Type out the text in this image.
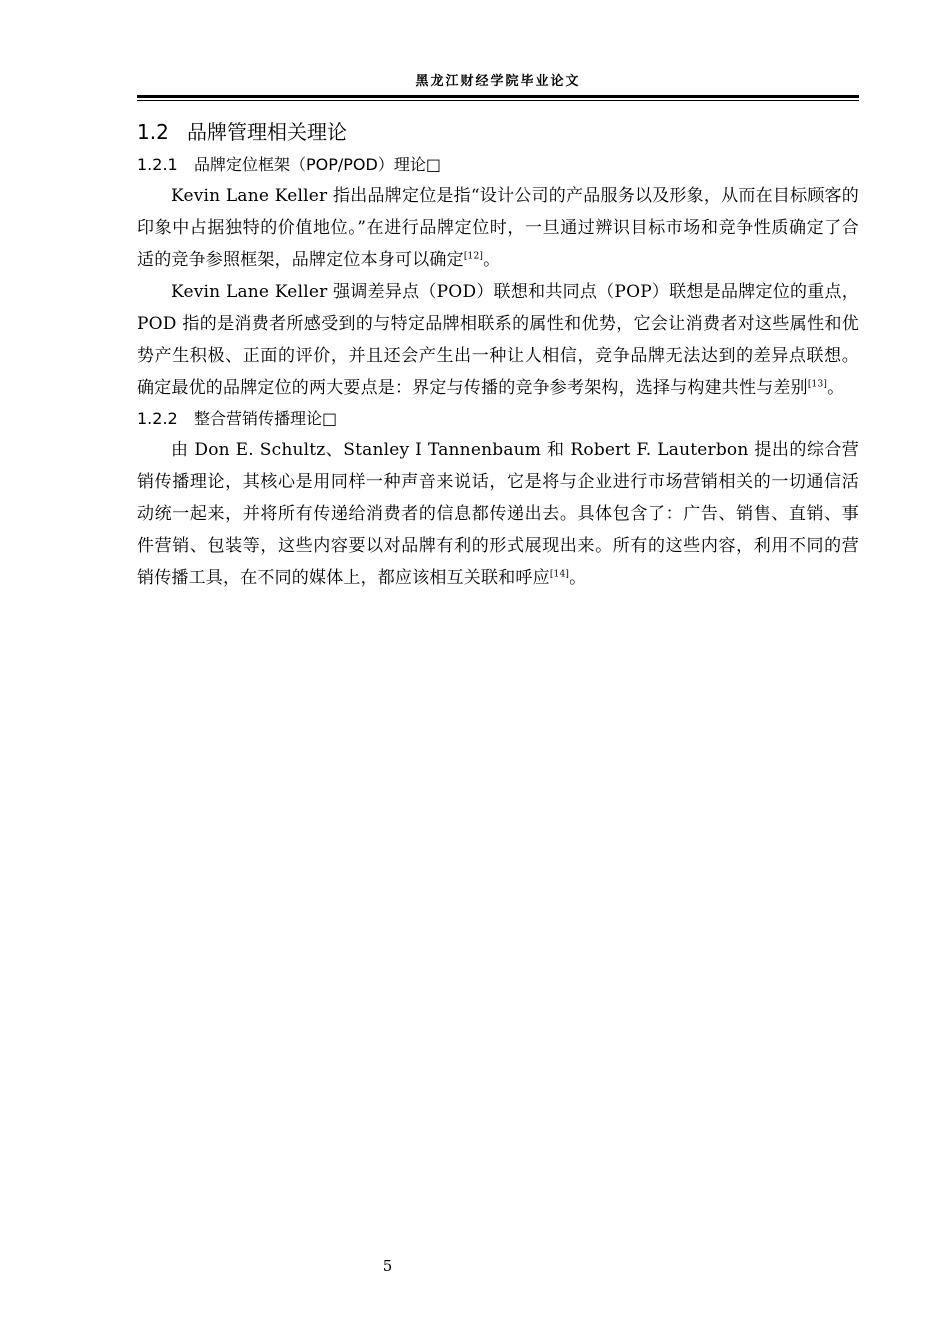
黑龙江财经学院毕业论文
1.2 品牌管理相关理论
1.2.1 品牌定位框架（POP/POD）理论□

Kevin Lane Keller 指出品牌定位是指“设计公司的产品服务以及形象，从而在目标顾客的印象中占据独特的价值地位。”在进行品牌定位时，一旦通过辨识目标市场和竞争性质确定了合适的竞争参照框架，品牌定位本身可以确定[12]。

Kevin Lane Keller 强调差异点（POD）联想和共同点（POP）联想是品牌定位的重点，POD 指的是消费者所感受到的与特定品牌相联系的属性和优势，它会让消费者对这些属性和优势产生积极、正面的评价，并且还会产生出一种让人相信，竞争品牌无法达到的差异点联想。确定最优的品牌定位的两大要点是：界定与传播的竞争参考架构，选择与构建共性与差别[13]。

1.2.2 整合营销传播理论□

由 Don E. Schultz、Stanley I Tannenbaum 和 Robert F. Lauterbon 提出的综合营销传播理论，其核心是用同样一种声音来说话，它是将与企业进行市场营销相关的一切通信活动统一起来，并将所有传递给消费者的信息都传递出去。具体包含了：广告、销售、直销、事件营销、包装等，这些内容要以对品牌有利的形式展现出来。所有的这些内容，利用不同的营销传播工具，在不同的媒体上，都应该相互关联和呼应[14]。

5
